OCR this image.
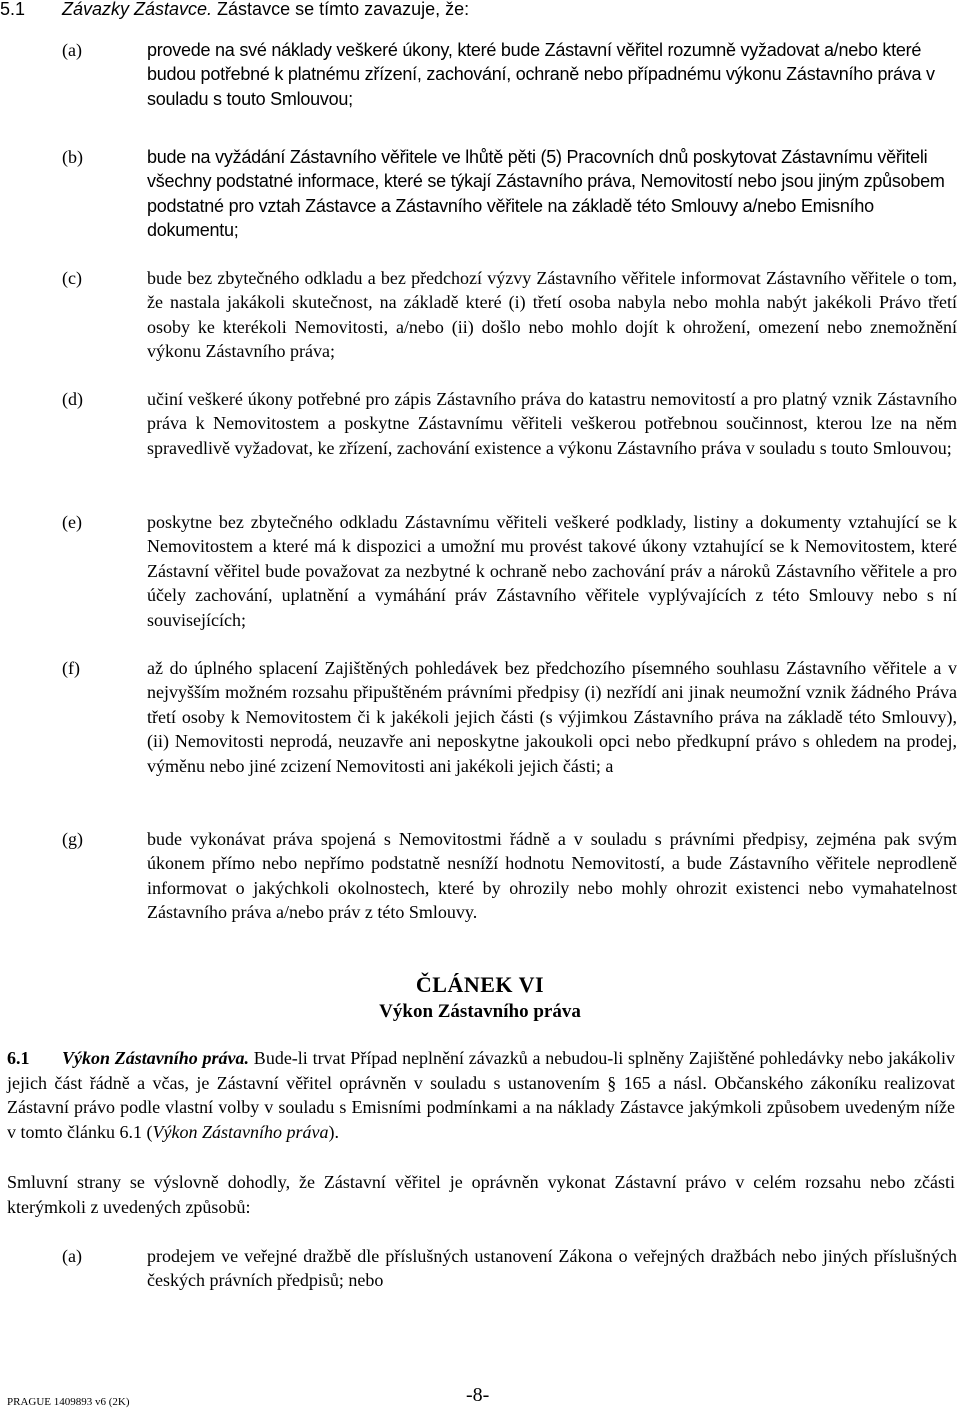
5.1 Závazky Zástavce. Zástavce se tímto zavazuje, že:
(a)	provede na své náklady veškeré úkony, které bude Zástavní věřitel rozumně vyžadovat a/nebo které budou potřebné k platnému zřízení, zachování, ochraně nebo případnému výkonu Zástavního práva v souladu s touto Smlouvou;
(b)	bude na vyžádání Zástavního věřitele ve lhůtě pěti (5) Pracovních dnů poskytovat Zástavnímu věřiteli všechny podstatné informace, které se týkají Zástavního práva, Nemovitostí nebo jsou jiným způsobem podstatné pro vztah Zástavce a Zástavního věřitele na základě této Smlouvy a/nebo Emisního dokumentu;
(c)	bude bez zbytečného odkladu a bez předchozí výzvy Zástavního věřitele informovat Zástavního věřitele o tom, že nastala jakákoli skutečnost, na základě které (i) třetí osoba nabyla nebo mohla nabýt jakékoli Právo třetí osoby ke kterékoli Nemovitosti, a/nebo (ii) došlo nebo mohlo dojít k ohrožení, omezení nebo znemožnění výkonu Zástavního práva;
(d)	učiní veškeré úkony potřebné pro zápis Zástavního práva do katastru nemovitostí a pro platný vznik Zástavního práva k Nemovitostem a poskytne Zástavnímu věřiteli veškerou potřebnou součinnost, kterou lze na něm spravedlivě vyžadovat, ke zřízení, zachování existence a výkonu Zástavního práva v souladu s touto Smlouvou;
(e)	poskytne bez zbytečného odkladu Zástavnímu věřiteli veškeré podklady, listiny a dokumenty vztahující se k Nemovitostem a které má k dispozici a umožní mu provést takové úkony vztahující se k Nemovitostem, které Zástavní věřitel bude považovat za nezbytné k ochraně nebo zachování práv a nároků Zástavního věřitele a pro účely zachování, uplatnění a vymáhání práv Zástavního věřitele vyplývajících z této Smlouvy nebo s ní souvisejících;
(f)	až do úplného splacení Zajištěných pohledávek bez předchozího písemného souhlasu Zástavního věřitele a v nejvyšším možném rozsahu připuštěném právními předpisy (i) nezřídí ani jinak neumožní vznik žádného Práva třetí osoby k Nemovitostem či k jakékoli jejich části (s výjimkou Zástavního práva na základě této Smlouvy), (ii) Nemovitosti neprodá, neuzavře ani neposkytne jakoukoli opci nebo předkupní právo s ohledem na prodej, výměnu nebo jiné zcizení Nemovitosti ani jakékoli jejich části; a
(g)	bude vykonávat práva spojená s Nemovitostmi řádně a v souladu s právními předpisy, zejména pak svým úkonem přímo nebo nepřímo podstatně nesníží hodnotu Nemovitostí, a bude Zástavního věřitele neprodleně informovat o jakýchkoli okolnostech, které by ohrozily nebo mohly ohrozit existenci nebo vymahatelnost Zástavního práva a/nebo práv z této Smlouvy.
ČLÁNEK VI
Výkon Zástavního práva
6.1 Výkon Zástavního práva. Bude-li trvat Případ neplnění závazků a nebudou-li splněny Zajištěné pohledávky nebo jakákoliv jejich část řádně a včas, je Zástavní věřitel oprávněn v souladu s ustanovením § 165 a násl. Občanského zákoníku realizovat Zástavní právo podle vlastní volby v souladu s Emisními podmínkami a na náklady Zástavce jakýmkoli způsobem uvedeným níže v tomto článku 6.1 (Výkon Zástavního práva).
Smluvní strany se výslovně dohodly, že Zástavní věřitel je oprávněn vykonat Zástavní právo v celém rozsahu nebo zčásti kterýmkoli z uvedených způsobů:
(a)	prodejem ve veřejné dražbě dle příslušných ustanovení Zákona o veřejných dražbách nebo jiných příslušných českých právních předpisů; nebo
PRAGUE 1409893 v6 (2K)	-8-
